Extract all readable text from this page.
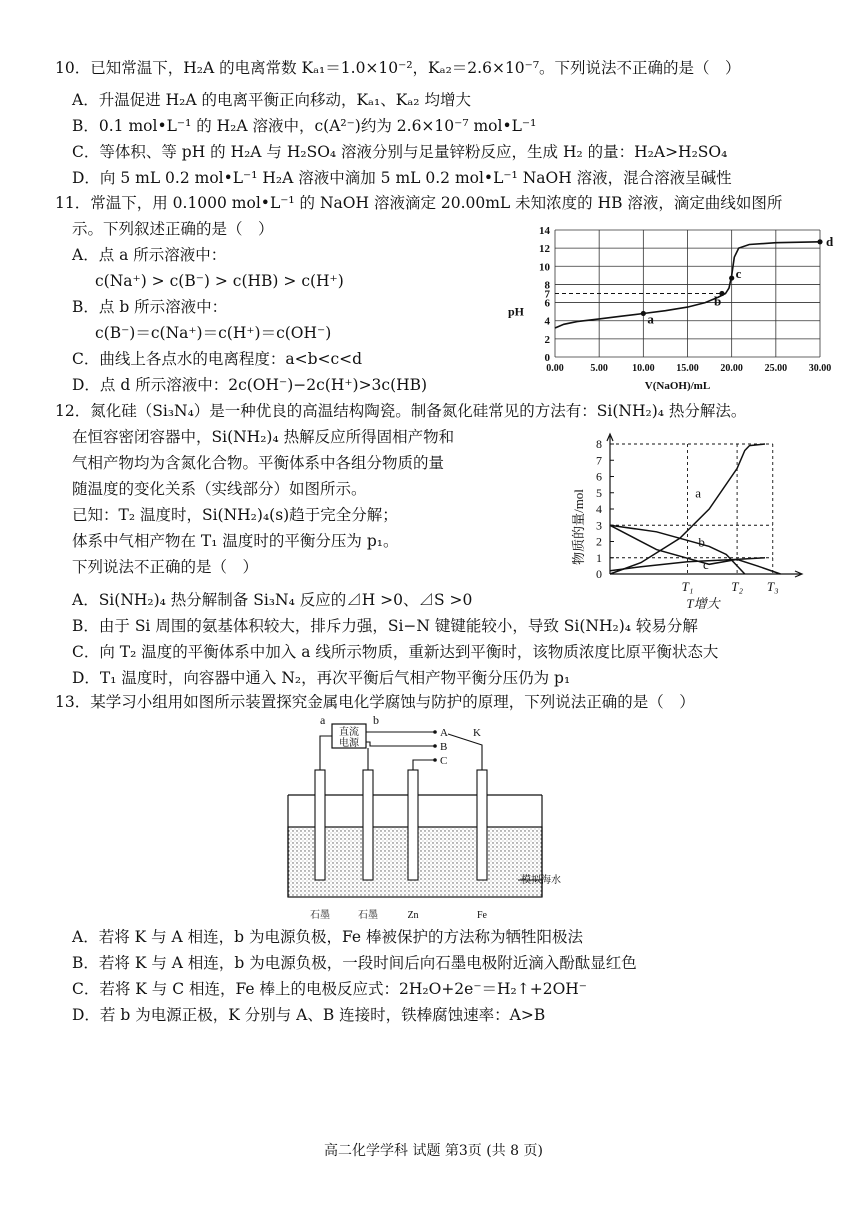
10．已知常温下，H₂A 的电离常数 Kₐ₁＝1.0×10⁻²，Kₐ₂＝2.6×10⁻⁷。下列说法不正确的是（　）
A．升温促进 H₂A 的电离平衡正向移动，Kₐ₁、Kₐ₂ 均增大
B．0.1 mol•L⁻¹ 的 H₂A 溶液中，c(A²⁻)约为 2.6×10⁻⁷ mol•L⁻¹
C．等体积、等 pH 的 H₂A 与 H₂SO₄ 溶液分别与足量锌粉反应，生成 H₂ 的量：H₂A>H₂SO₄
D．向 5 mL 0.2 mol•L⁻¹ H₂A 溶液中滴加 5 mL 0.2 mol•L⁻¹ NaOH 溶液，混合溶液呈碱性
11．常温下，用 0.1000 mol•L⁻¹ 的 NaOH 溶液滴定 20.00mL 未知浓度的 HB 溶液，滴定曲线如图所
示。下列叙述正确的是（　）
A．点 a 所示溶液中：
c(Na⁺) > c(B⁻) > c(HB) > c(H⁺)
B．点 b 所示溶液中：
c(B⁻)＝c(Na⁺)＝c(H⁺)＝c(OH⁻)
C．曲线上各点水的电离程度：a<b<c<d
D．点 d 所示溶液中：2c(OH⁻)−2c(H⁺)>3c(HB)
0
2
4
6
7
8
10
12
14
0.00	5.00 10.00 15.00 20.00 25.00 30.00
pH
V(NaOH)/mL
a
b
c
d
12．氮化硅（Si₃N₄）是一种优良的高温结构陶瓷。制备氮化硅常见的方法有：Si(NH₂)₄ 热分解法。
在恒容密闭容器中，Si(NH₂)₄ 热解反应所得固相产物和
气相产物均为含氮化合物。平衡体系中各组分物质的量
随温度的变化关系（实线部分）如图所示。
已知：T₂ 温度时，Si(NH₂)₄(s)趋于完全分解；
体系中气相产物在 T₁ 温度时的平衡分压为 p₁。
下列说法不正确的是（　）
A．Si(NH₂)₄ 热分解制备 Si₃N₄ 反应的⊿H >0、⊿S >0
B．由于 Si 周围的氨基体积较大，排斥力强，Si−N 键键能较小，导致 Si(NH₂)₄ 较易分解
C．向 T₂ 温度的平衡体系中加入 a 线所示物质，重新达到平衡时，该物质浓度比原平衡状态大
D．T₁ 温度时，向容器中通入 N₂，再次平衡后气相产物平衡分压仍为 p₁
0
1
2
3
4
5
6
7
8
物质的量/mol
T增大
T₁	T₂ T₃
a
b
c
13．某学习小组用如图所示装置探究金属电化学腐蚀与防护的原理，下列说法正确的是（　）
a	b
直流
电源
A
B
C
K
模拟海水
石墨	石墨	Zn	Fe
A．若将 K 与 A 相连，b 为电源负极，Fe 棒被保护的方法称为牺牲阳极法
B．若将 K 与 A 相连，b 为电源负极，一段时间后向石墨电极附近滴入酚酞显红色
C．若将 K 与 C 相连，Fe 棒上的电极反应式：2H₂O+2e⁻＝H₂↑+2OH⁻
D．若 b 为电源正极，K 分别与 A、B 连接时，铁棒腐蚀速率：A>B
高二化学学科 试题 第3页 (共 8 页)
